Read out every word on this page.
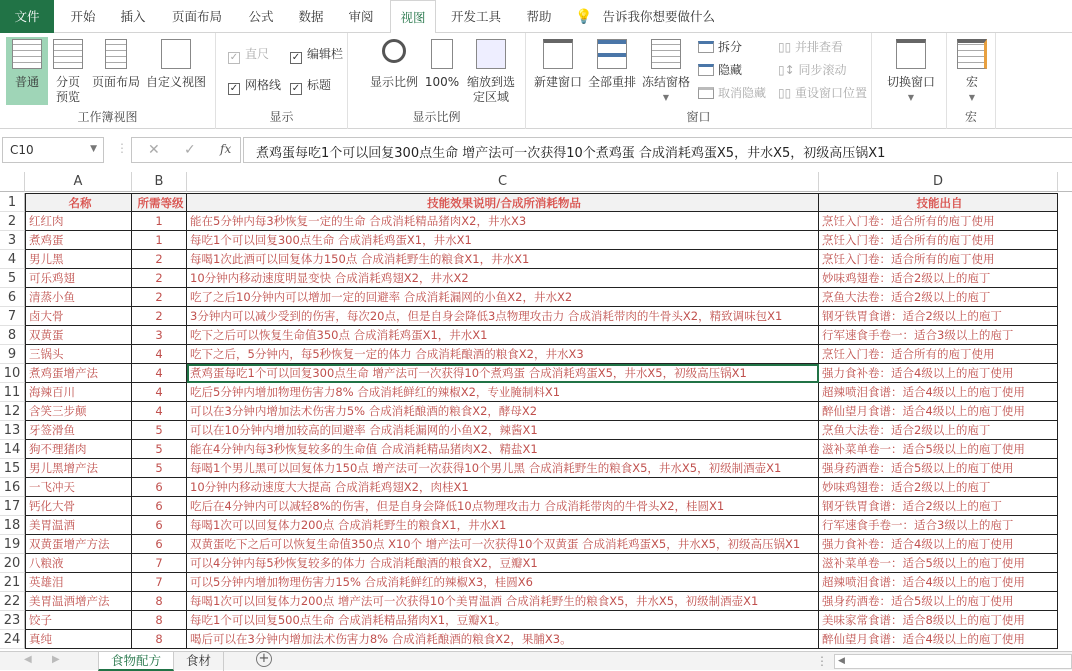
文件	开始	插入	页面布局	公式	数据	审阅	视图	开发工具	帮助	💡 告诉我你想要做什么
普通	分页预览
页面布局 自定义视图
工作簿视图
✓ 直尺 ✓ 编辑栏
✓ 网格线 ✓ 标题
显示
显示比例 100% 缩放到选定区域
显示比例
新建窗口 全部重排 冻结窗格
▼
拆分
隐藏
取消隐藏
▯▯ 并排查看
▯↕ 同步滚动
▯▯ 重设窗口位置
窗口
切换窗口
▼
宏
▼
宏
C10	▼ ⋮ ✕ ✓ fx	煮鸡蛋每吃1个可以回复300点生命 增产法可一次获得10个煮鸡蛋 合成消耗鸡蛋X5，井水X5，初级高压锅X1
A	B	C	D
1	名称	所需等级	技能效果说明/合成所消耗物品	技能出自
2	红红肉	1	能在5分钟内每3秒恢复一定的生命 合成消耗精品猪肉X2，井水X3	烹饪入门卷：适合所有的庖丁使用
3	煮鸡蛋	1	每吃1个可以回复300点生命 合成消耗鸡蛋X1，井水X1	烹饪入门卷：适合所有的庖丁使用
4	男儿黑	2	每喝1次此酒可以回复体力150点 合成消耗野生的粮食X1，井水X1	烹饪入门卷：适合所有的庖丁使用
5	可乐鸡翅	2	10分钟内移动速度明显变快 合成消耗鸡翅X2，井水X2	妙味鸡翅卷：适合2级以上的庖丁
6	清蒸小鱼	2	吃了之后10分钟内可以增加一定的回避率 合成消耗漏网的小鱼X2，井水X2	烹鱼大法卷：适合2级以上的庖丁
7	卤大骨	2	3分钟内可以减少受到的伤害，每次20点，但是自身会降低3点物理攻击力 合成消耗带肉的牛骨头X2，精致调味包X1	钢牙铁胃食谱：适合2级以上的庖丁
8	双黄蛋	3	吃下之后可以恢复生命值350点 合成消耗鸡蛋X1，井水X1	行军速食手卷一：适合3级以上的庖丁
9	三锅头	4	吃下之后，5分钟内，每5秒恢复一定的体力 合成消耗酿酒的粮食X2，井水X3	烹饪入门卷：适合所有的庖丁使用
10 煮鸡蛋增产法	4	煮鸡蛋每吃1个可以回复300点生命 增产法可一次获得10个煮鸡蛋 合成消耗鸡蛋X5，井水X5，初级高压锅X1	强力食补卷：适合4级以上的庖丁使用
11 海辣百川	4	吃后5分钟内增加物理伤害力8% 合成消耗鲜红的辣椒X2，专业腌制料X1	超辣喷泪食谱：适合4级以上的庖丁使用
12 含笑三步颠	4	可以在3分钟内增加法术伤害力5% 合成消耗酿酒的粮食X2，酵母X2	醉仙望月食谱：适合4级以上的庖丁使用
13 牙签滑鱼	5	可以在10分钟内增加较高的回避率 合成消耗漏网的小鱼X2，辣酱X1	烹鱼大法卷：适合2级以上的庖丁
14 狗不理猪肉	5	能在4分钟内每3秒恢复较多的生命值 合成消耗精品猪肉X2、精盐X1	滋补菜单卷一：适合5级以上的庖丁使用
15 男儿黑增产法	5	每喝1个男儿黑可以回复体力150点 增产法可一次获得10个男儿黑 合成消耗野生的粮食X5，井水X5，初级制酒壶X1	强身药酒卷：适合5级以上的庖丁使用
16 一飞冲天	6	10分钟内移动速度大大提高 合成消耗鸡翅X2，肉桂X1	妙味鸡翅卷：适合2级以上的庖丁
17 钙化大骨	6	吃后在4分钟内可以减轻8%的伤害，但是自身会降低10点物理攻击力 合成消耗带肉的牛骨头X2，桂圆X1	钢牙铁胃食谱：适合2级以上的庖丁
18 美胃温酒	6	每喝1次可以回复体力200点 合成消耗野生的粮食X1，井水X1	行军速食手卷一：适合3级以上的庖丁
19 双黄蛋增产方法	6	双黄蛋吃下之后可以恢复生命值350点 X10个 增产法可一次获得10个双黄蛋 合成消耗鸡蛋X5，井水X5，初级高压锅X1	强力食补卷：适合4级以上的庖丁使用
20 八粮液	7	可以4分钟内每5秒恢复较多的体力 合成消耗酿酒的粮食X2，豆瓣X1	滋补菜单卷一：适合5级以上的庖丁使用
21 英雄泪	7	可以5分钟内增加物理伤害力15% 合成消耗鲜红的辣椒X3，桂圆X6	超辣喷泪食谱：适合4级以上的庖丁使用
22 美胃温酒增产法	8	每喝1次可以回复体力200点 增产法可一次获得10个美胃温酒 合成消耗野生的粮食X5，井水X5，初级制酒壶X1	强身药酒卷：适合5级以上的庖丁使用
23 饺子	8	每吃1个可以回复500点生命 合成消耗精品猪肉X1，豆瓣X1。	美味家常食谱：适合8级以上的庖丁使用
24 真纯	8	喝后可以在3分钟内增加法术伤害力8% 合成消耗酿酒的粮食X2，果脯X3。	醉仙望月食谱：适合4级以上的庖丁使用
◀ ▶	食物配方	食材	+	⋮ ◀
